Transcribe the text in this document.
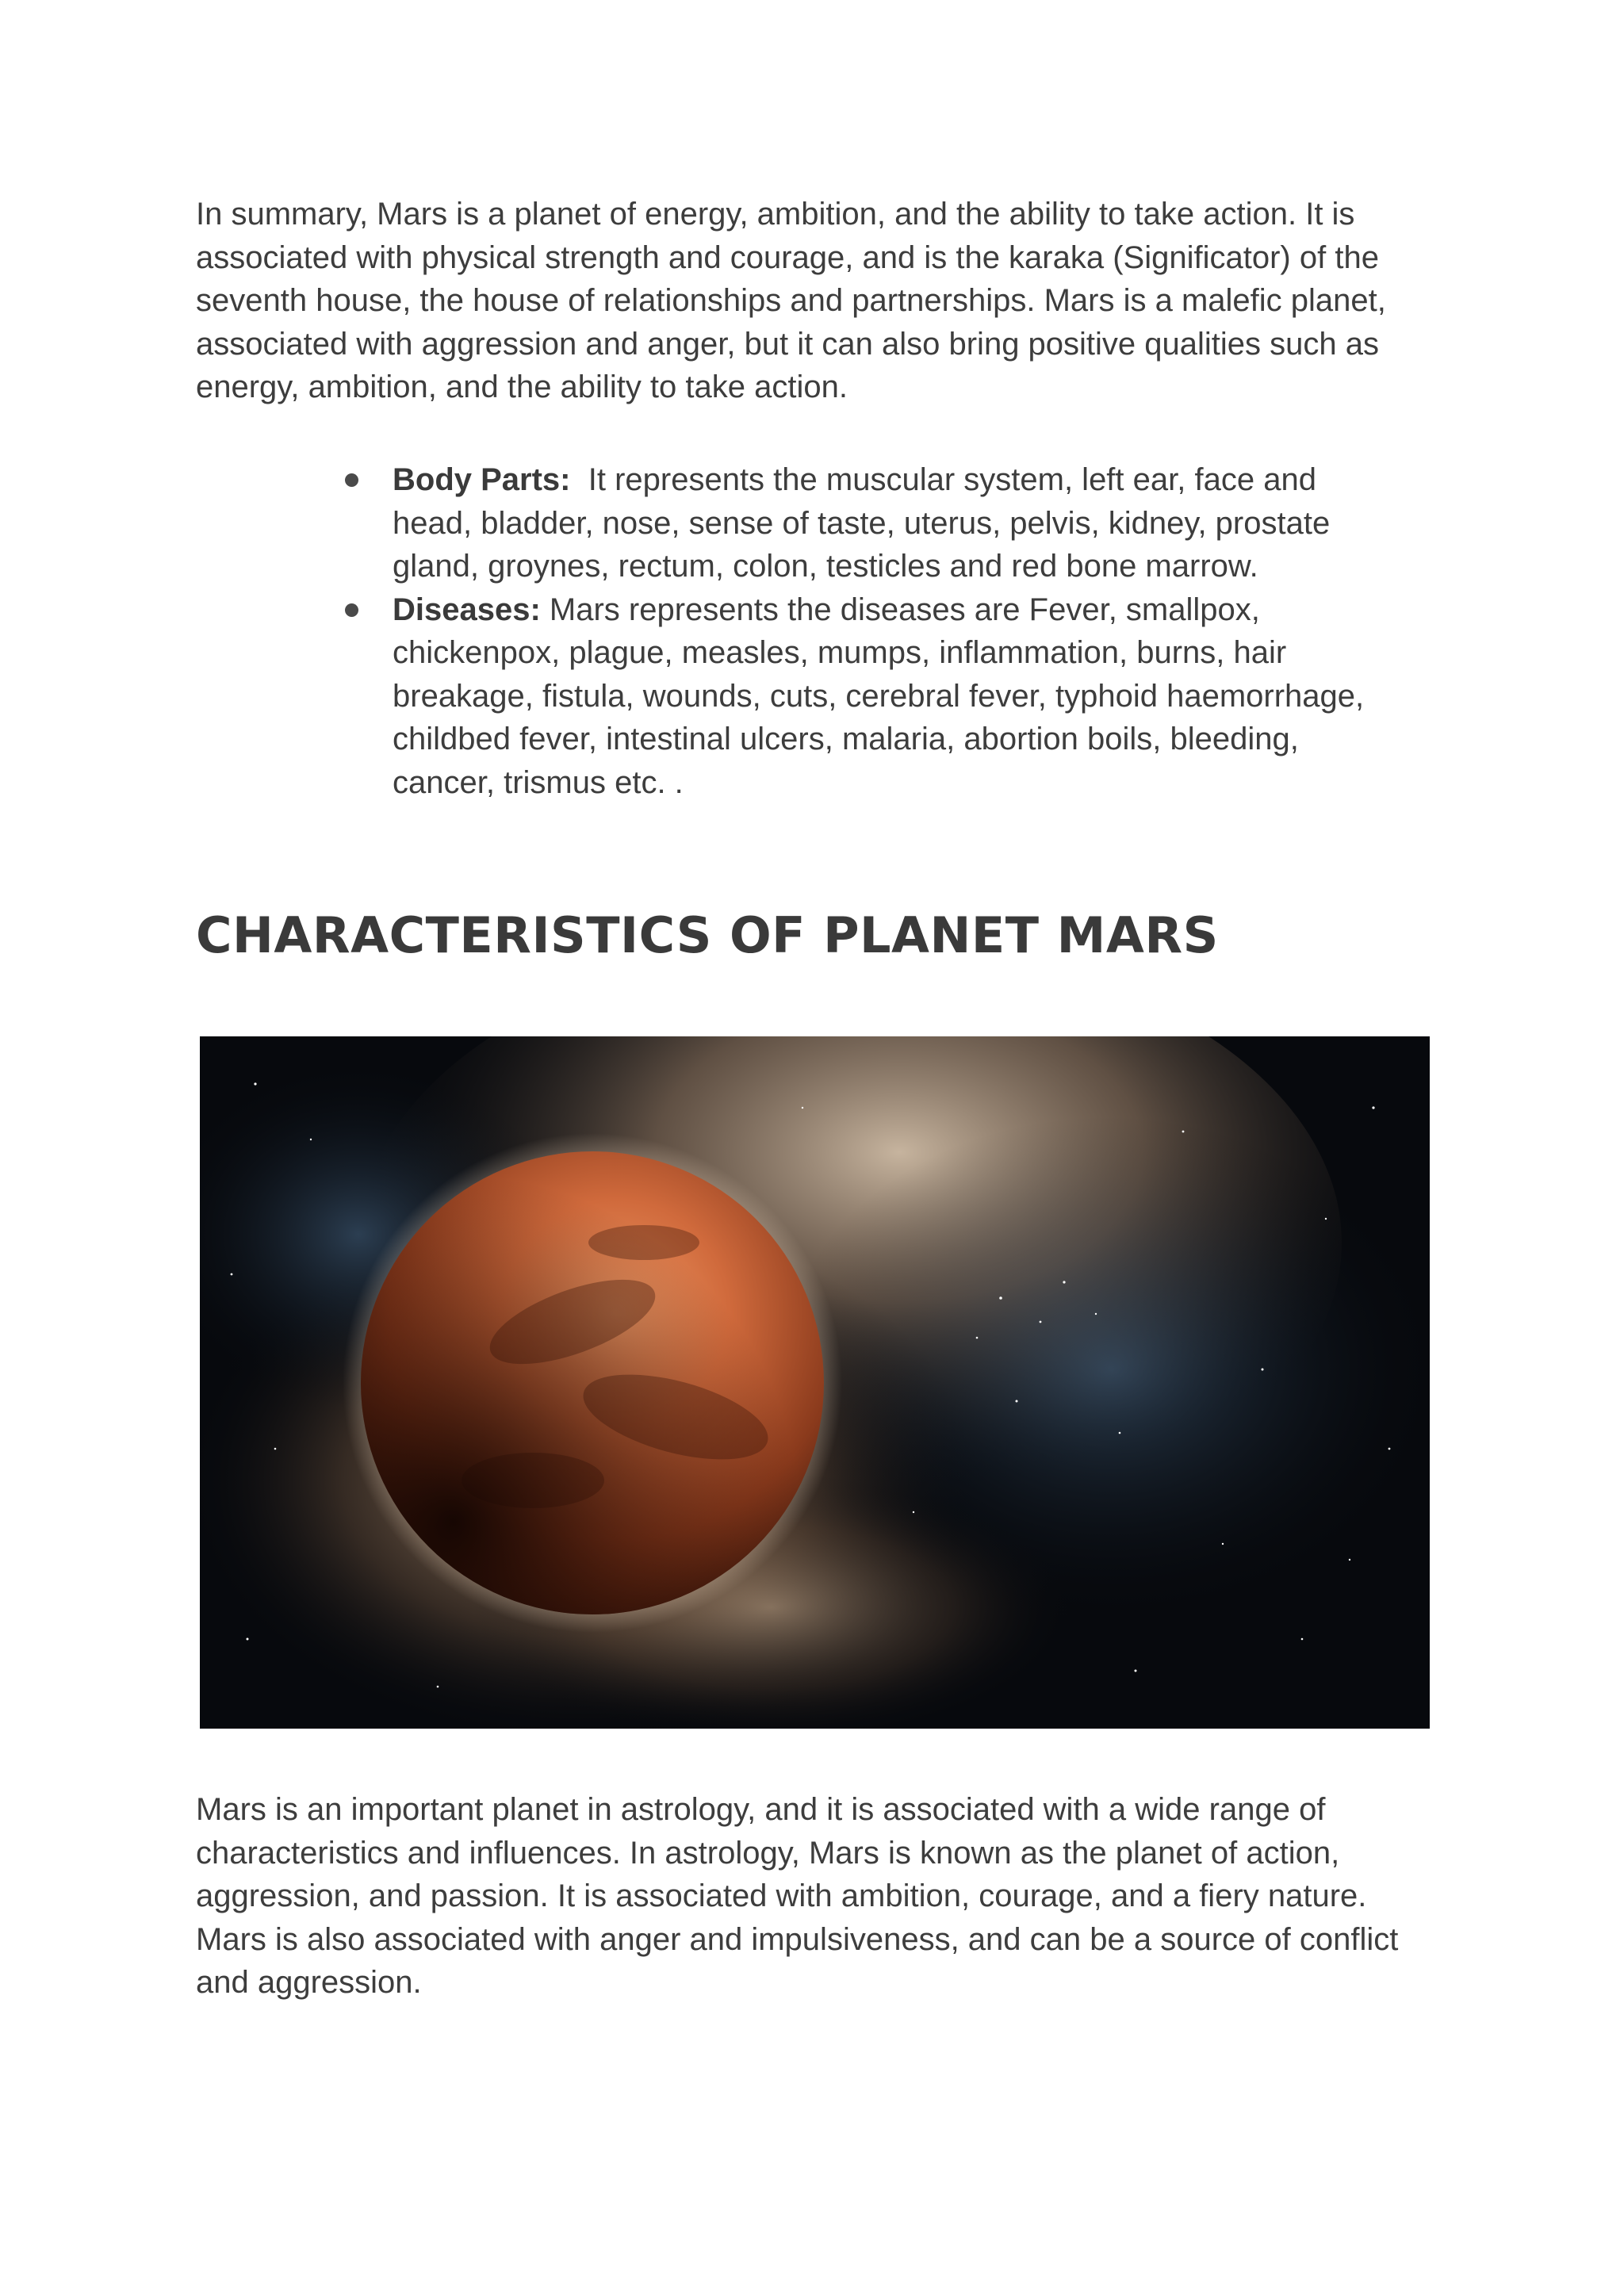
In summary, Mars is a planet of energy, ambition, and the ability to take action. It is associated with physical strength and courage, and is the karaka (Significator) of the seventh house, the house of relationships and partnerships. Mars is a malefic planet, associated with aggression and anger, but it can also bring positive qualities such as energy, ambition, and the ability to take action.

Body Parts: It represents the muscular system, left ear, face and head, bladder, nose, sense of taste, uterus, pelvis, kidney, prostate gland, groynes, rectum, colon, testicles and red bone marrow.
Diseases: Mars represents the diseases are Fever, smallpox, chickenpox, plague, measles, mumps, inflammation, burns, hair breakage, fistula, wounds, cuts, cerebral fever, typhoid haemorrhage, childbed fever, intestinal ulcers, malaria, abortion boils, bleeding, cancer, trismus etc. .
CHARACTERISTICS OF PLANET MARS

Mars is an important planet in astrology, and it is associated with a wide range of characteristics and influences. In astrology, Mars is known as the planet of action, aggression, and passion. It is associated with ambition, courage, and a fiery nature. Mars is also associated with anger and impulsiveness, and can be a source of conflict and aggression.
